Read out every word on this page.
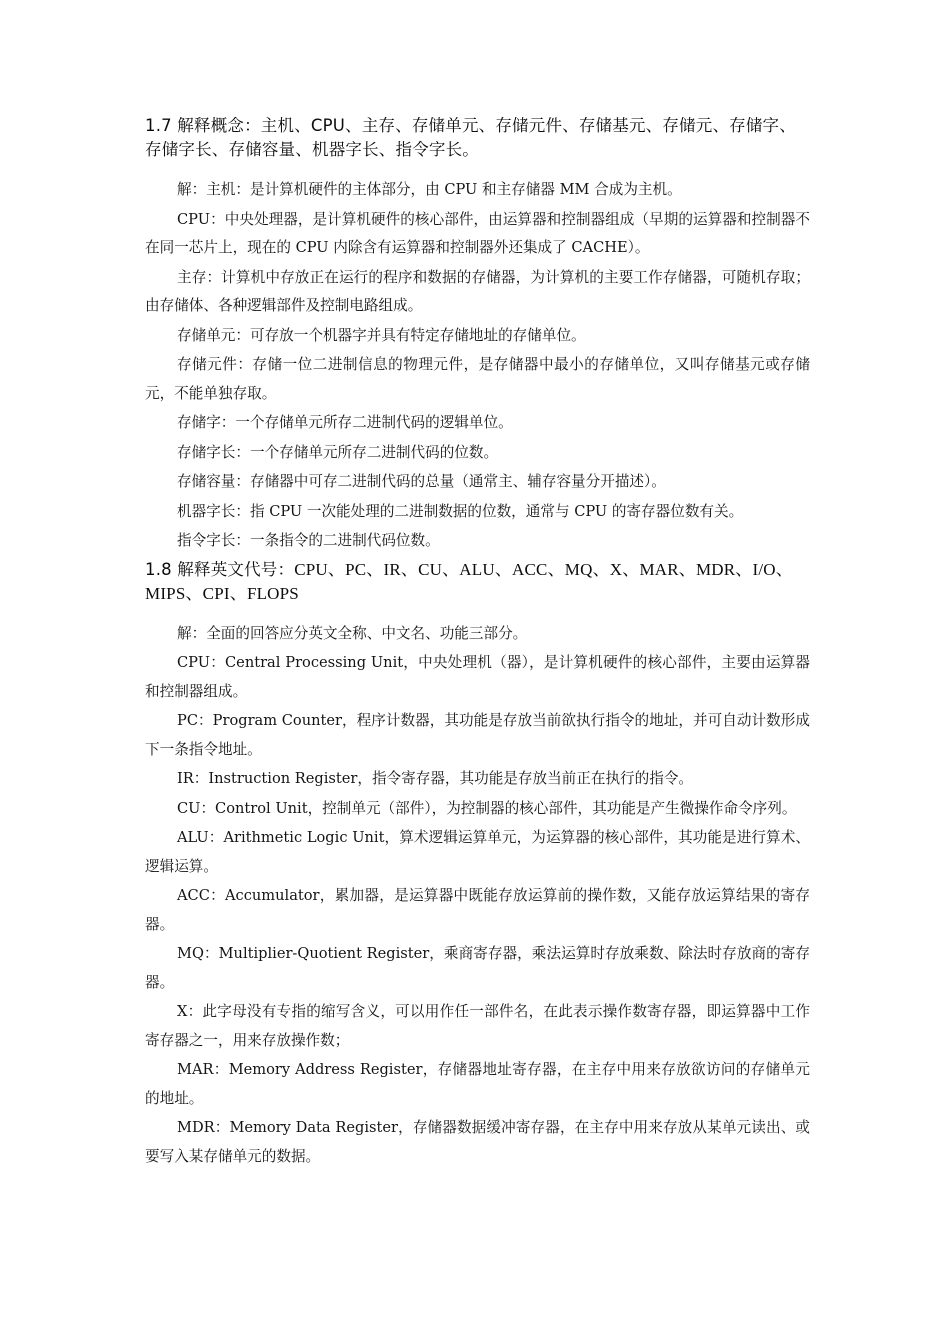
1.7 解释概念：主机、CPU、主存、存储单元、存储元件、存储基元、存储元、存储字、存储字长、存储容量、机器字长、指令字长。

解：主机：是计算机硬件的主体部分，由 CPU 和主存储器 MM 合成为主机。

CPU：中央处理器，是计算机硬件的核心部件，由运算器和控制器组成（早期的运算器和控制器不在同一芯片上，现在的 CPU 内除含有运算器和控制器外还集成了 CACHE）。

主存：计算机中存放正在运行的程序和数据的存储器，为计算机的主要工作存储器，可随机存取；由存储体、各种逻辑部件及控制电路组成。

存储单元：可存放一个机器字并具有特定存储地址的存储单位。

存储元件：存储一位二进制信息的物理元件，是存储器中最小的存储单位，又叫存储基元或存储元，不能单独存取。

存储字：一个存储单元所存二进制代码的逻辑单位。

存储字长：一个存储单元所存二进制代码的位数。

存储容量：存储器中可存二进制代码的总量（通常主、辅存容量分开描述）。

机器字长：指 CPU 一次能处理的二进制数据的位数，通常与 CPU 的寄存器位数有关。

指令字长：一条指令的二进制代码位数。

1.8 解释英文代号：CPU、PC、IR、CU、ALU、ACC、MQ、X、MAR、MDR、I/O、MIPS、CPI、FLOPS

解：全面的回答应分英文全称、中文名、功能三部分。

CPU：Central Processing Unit，中央处理机（器），是计算机硬件的核心部件，主要由运算器和控制器组成。

PC：Program Counter，程序计数器，其功能是存放当前欲执行指令的地址，并可自动计数形成下一条指令地址。

IR：Instruction Register，指令寄存器，其功能是存放当前正在执行的指令。

CU：Control Unit，控制单元（部件），为控制器的核心部件，其功能是产生微操作命令序列。

ALU：Arithmetic Logic Unit，算术逻辑运算单元，为运算器的核心部件，其功能是进行算术、逻辑运算。

ACC：Accumulator，累加器，是运算器中既能存放运算前的操作数，又能存放运算结果的寄存器。

MQ：Multiplier-Quotient Register，乘商寄存器，乘法运算时存放乘数、除法时存放商的寄存器。

X：此字母没有专指的缩写含义，可以用作任一部件名，在此表示操作数寄存器，即运算器中工作寄存器之一，用来存放操作数；

MAR：Memory Address Register，存储器地址寄存器，在主存中用来存放欲访问的存储单元的地址。

MDR：Memory Data Register，存储器数据缓冲寄存器，在主存中用来存放从某单元读出、或要写入某存储单元的数据。
